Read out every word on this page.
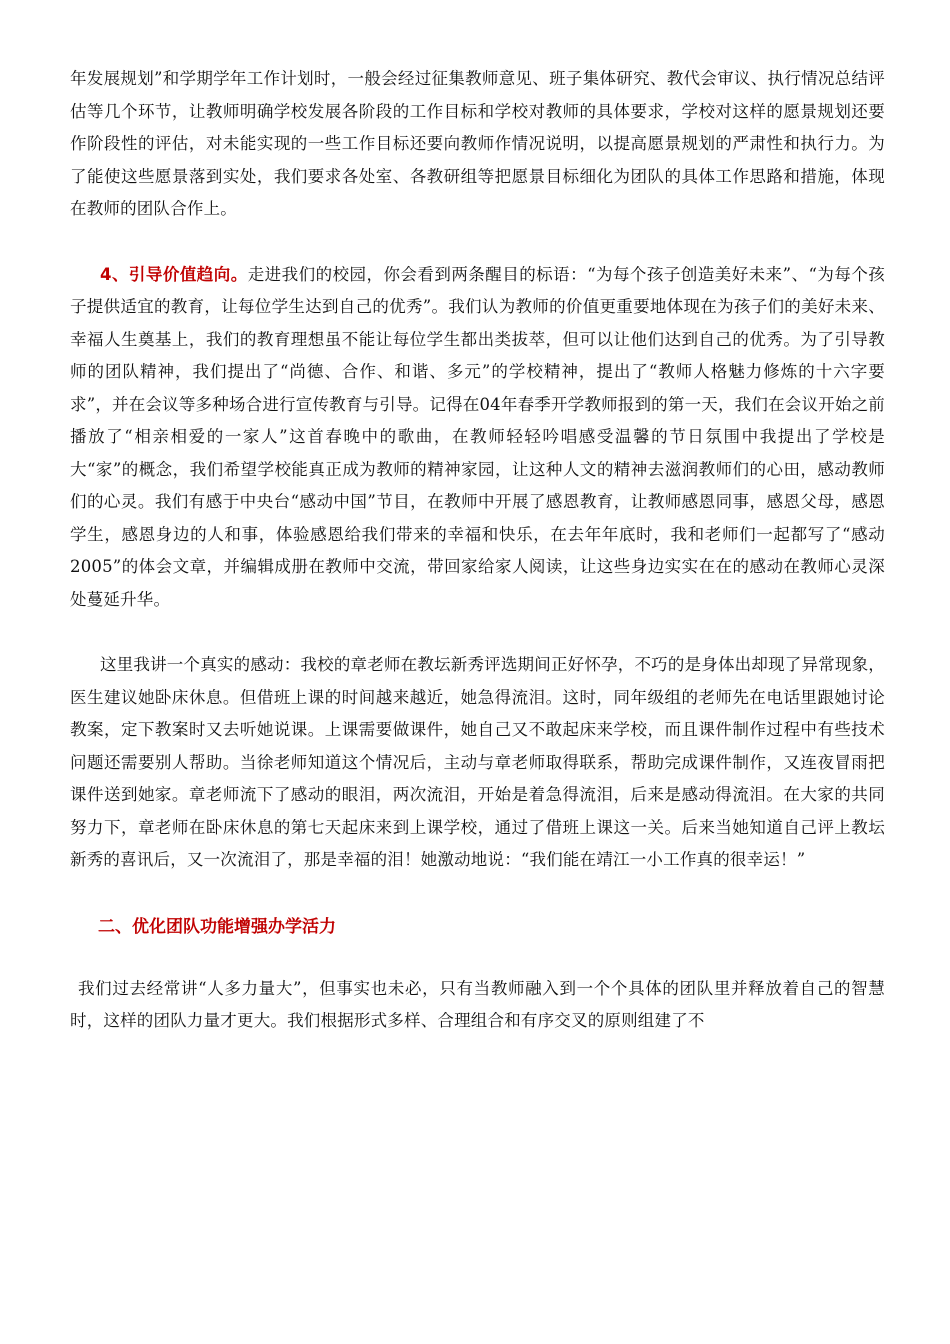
年发展规划”和学期学年工作计划时，一般会经过征集教师意见、班子集体研究、教代会审议、执行情况总结评估等几个环节，让教师明确学校发展各阶段的工作目标和学校对教师的具体要求，学校对这样的愿景规划还要作阶段性的评估，对未能实现的一些工作目标还要向教师作情况说明，以提高愿景规划的严肃性和执行力。为了能使这些愿景落到实处，我们要求各处室、各教研组等把愿景目标细化为团队的具体工作思路和措施，体现在教师的团队合作上。

4、引导价值趋向。走进我们的校园，你会看到两条醒目的标语：“为每个孩子创造美好未来”、“为每个孩子提供适宜的教育，让每位学生达到自己的优秀”。我们认为教师的价值更重要地体现在为孩子们的美好未来、幸福人生奠基上，我们的教育理想虽不能让每位学生都出类拔萃，但可以让他们达到自己的优秀。为了引导教师的团队精神，我们提出了“尚德、合作、和谐、多元”的学校精神，提出了“教师人格魅力修炼的十六字要求”，并在会议等多种场合进行宣传教育与引导。记得在04年春季开学教师报到的第一天，我们在会议开始之前播放了“相亲相爱的一家人”这首春晚中的歌曲，在教师轻轻吟唱感受温馨的节日氛围中我提出了学校是大“家”的概念，我们希望学校能真正成为教师的精神家园，让这种人文的精神去滋润教师们的心田，感动教师们的心灵。我们有感于中央台“感动中国”节目，在教师中开展了感恩教育，让教师感恩同事，感恩父母，感恩学生，感恩身边的人和事，体验感恩给我们带来的幸福和快乐，在去年年底时，我和老师们一起都写了“感动 2005”的体会文章，并编辑成册在教师中交流，带回家给家人阅读，让这些身边实实在在的感动在教师心灵深处蔓延升华。

这里我讲一个真实的感动：我校的章老师在教坛新秀评选期间正好怀孕，不巧的是身体出却现了异常现象，医生建议她卧床休息。但借班上课的时间越来越近，她急得流泪。这时，同年级组的老师先在电话里跟她讨论教案，定下教案时又去听她说课。上课需要做课件，她自己又不敢起床来学校，而且课件制作过程中有些技术问题还需要别人帮助。当徐老师知道这个情况后，主动与章老师取得联系，帮助完成课件制作，又连夜冒雨把课件送到她家。章老师流下了感动的眼泪，两次流泪，开始是着急得流泪，后来是感动得流泪。在大家的共同努力下，章老师在卧床休息的第七天起床来到上课学校，通过了借班上课这一关。后来当她知道自己评上教坛新秀的喜讯后，又一次流泪了，那是幸福的泪！她激动地说：“我们能在靖江一小工作真的很幸运！”

二、优化团队功能增强办学活力

我们过去经常讲“人多力量大”，但事实也未必，只有当教师融入到一个个具体的团队里并释放着自己的智慧时，这样的团队力量才更大。我们根据形式多样、合理组合和有序交叉的原则组建了不
